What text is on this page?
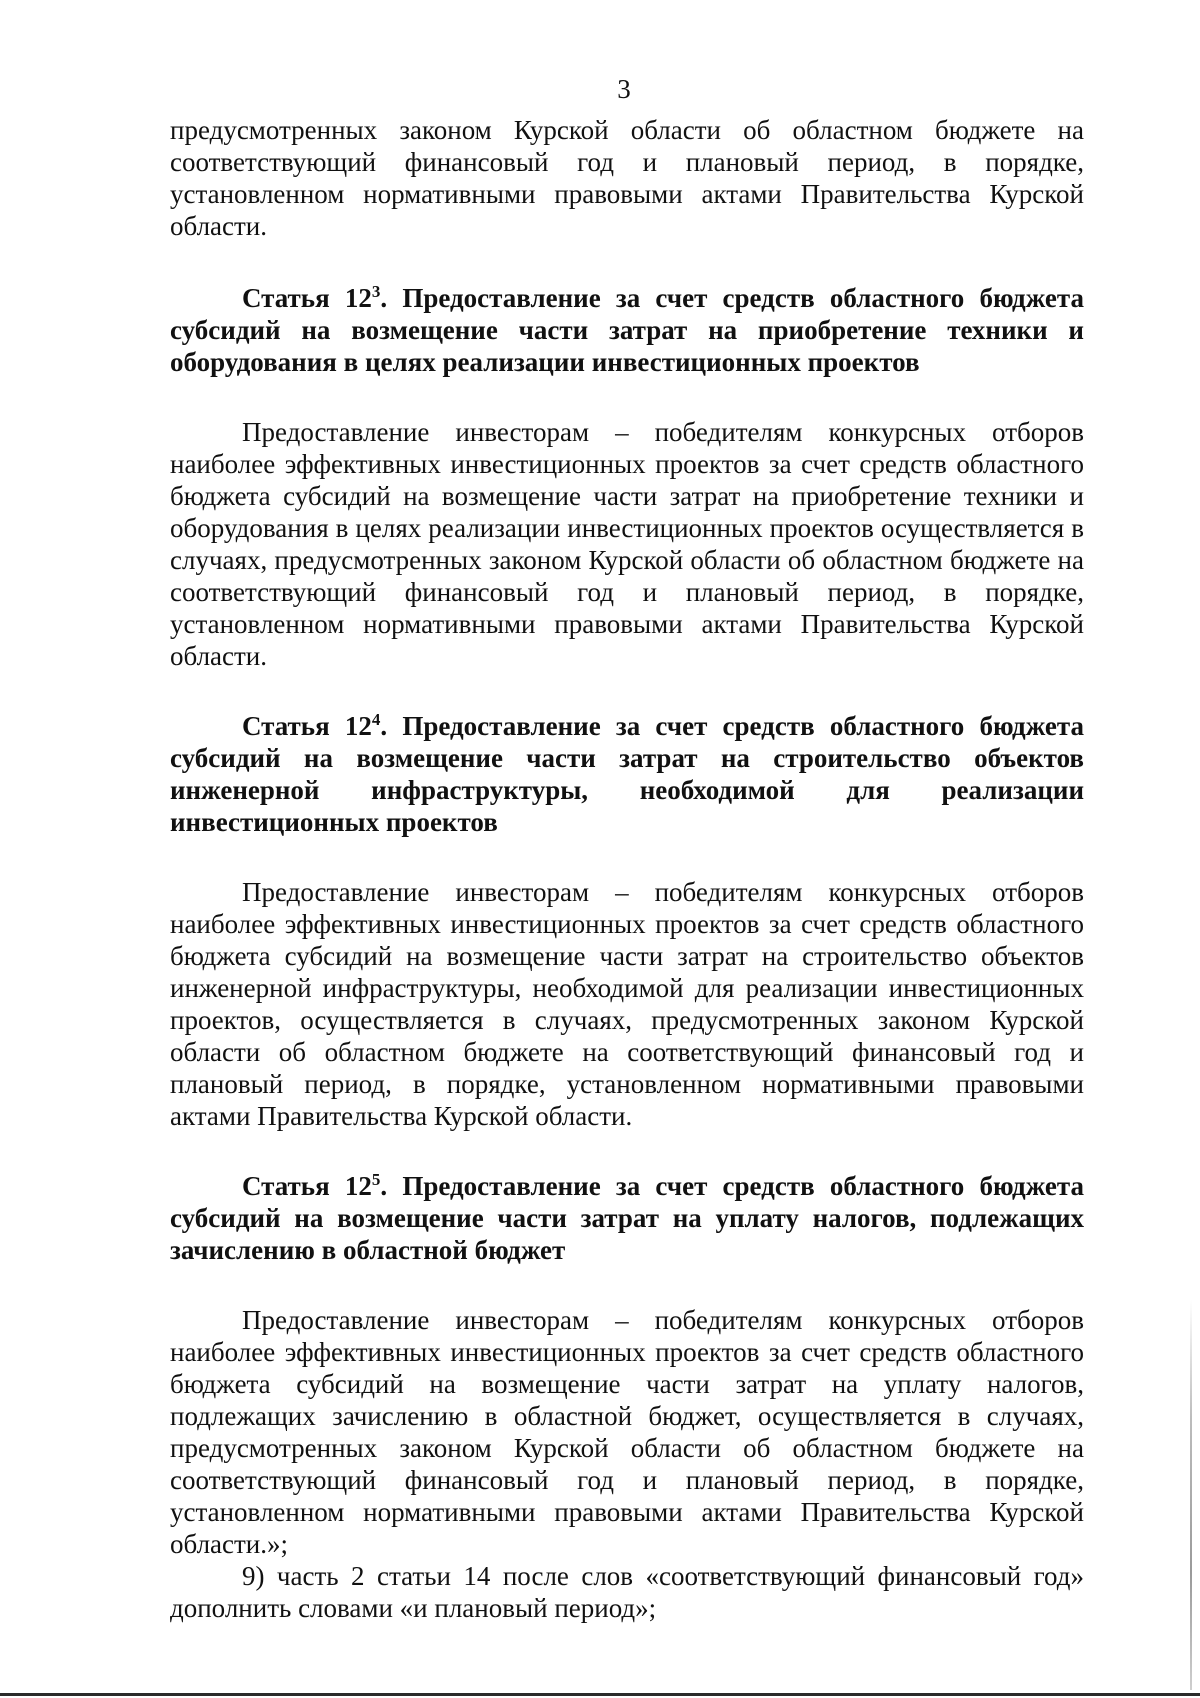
3

предусмотренных законом Курской области об областном бюджете на соответствующий финансовый год и плановый период, в порядке, установленном нормативными правовыми актами Правительства Курской области.

Статья $12^3$. Предоставление за счет средств областного бюджета субсидий на возмещение части затрат на приобретение техники и оборудования в целях реализации инвестиционных проектов

Предоставление инвесторам – победителям конкурсных отборов наиболее эффективных инвестиционных проектов за счет средств областного бюджета субсидий на возмещение части затрат на приобретение техники и оборудования в целях реализации инвестиционных проектов осуществляется в случаях, предусмотренных законом Курской области об областном бюджете на соответствующий финансовый год и плановый период, в порядке, установленном нормативными правовыми актами Правительства Курской области.

Статья $12^4$. Предоставление за счет средств областного бюджета субсидий на возмещение части затрат на строительство объектов инженерной инфраструктуры, необходимой для реализации инвестиционных проектов

Предоставление инвесторам – победителям конкурсных отборов наиболее эффективных инвестиционных проектов за счет средств областного бюджета субсидий на возмещение части затрат на строительство объектов инженерной инфраструктуры, необходимой для реализации инвестиционных проектов, осуществляется в случаях, предусмотренных законом Курской области об областном бюджете на соответствующий финансовый год и плановый период, в порядке, установленном нормативными правовыми актами Правительства Курской области.

Статья $12^5$. Предоставление за счет средств областного бюджета субсидий на возмещение части затрат на уплату налогов, подлежащих зачислению в областной бюджет

Предоставление инвесторам – победителям конкурсных отборов наиболее эффективных инвестиционных проектов за счет средств областного бюджета субсидий на возмещение части затрат на уплату налогов, подлежащих зачислению в областной бюджет, осуществляется в случаях, предусмотренных законом Курской области об областном бюджете на соответствующий финансовый год и плановый период, в порядке, установленном нормативными правовыми актами Правительства Курской области.»;

9) часть 2 статьи 14 после слов «соответствующий финансовый год» дополнить словами «и плановый период»;
